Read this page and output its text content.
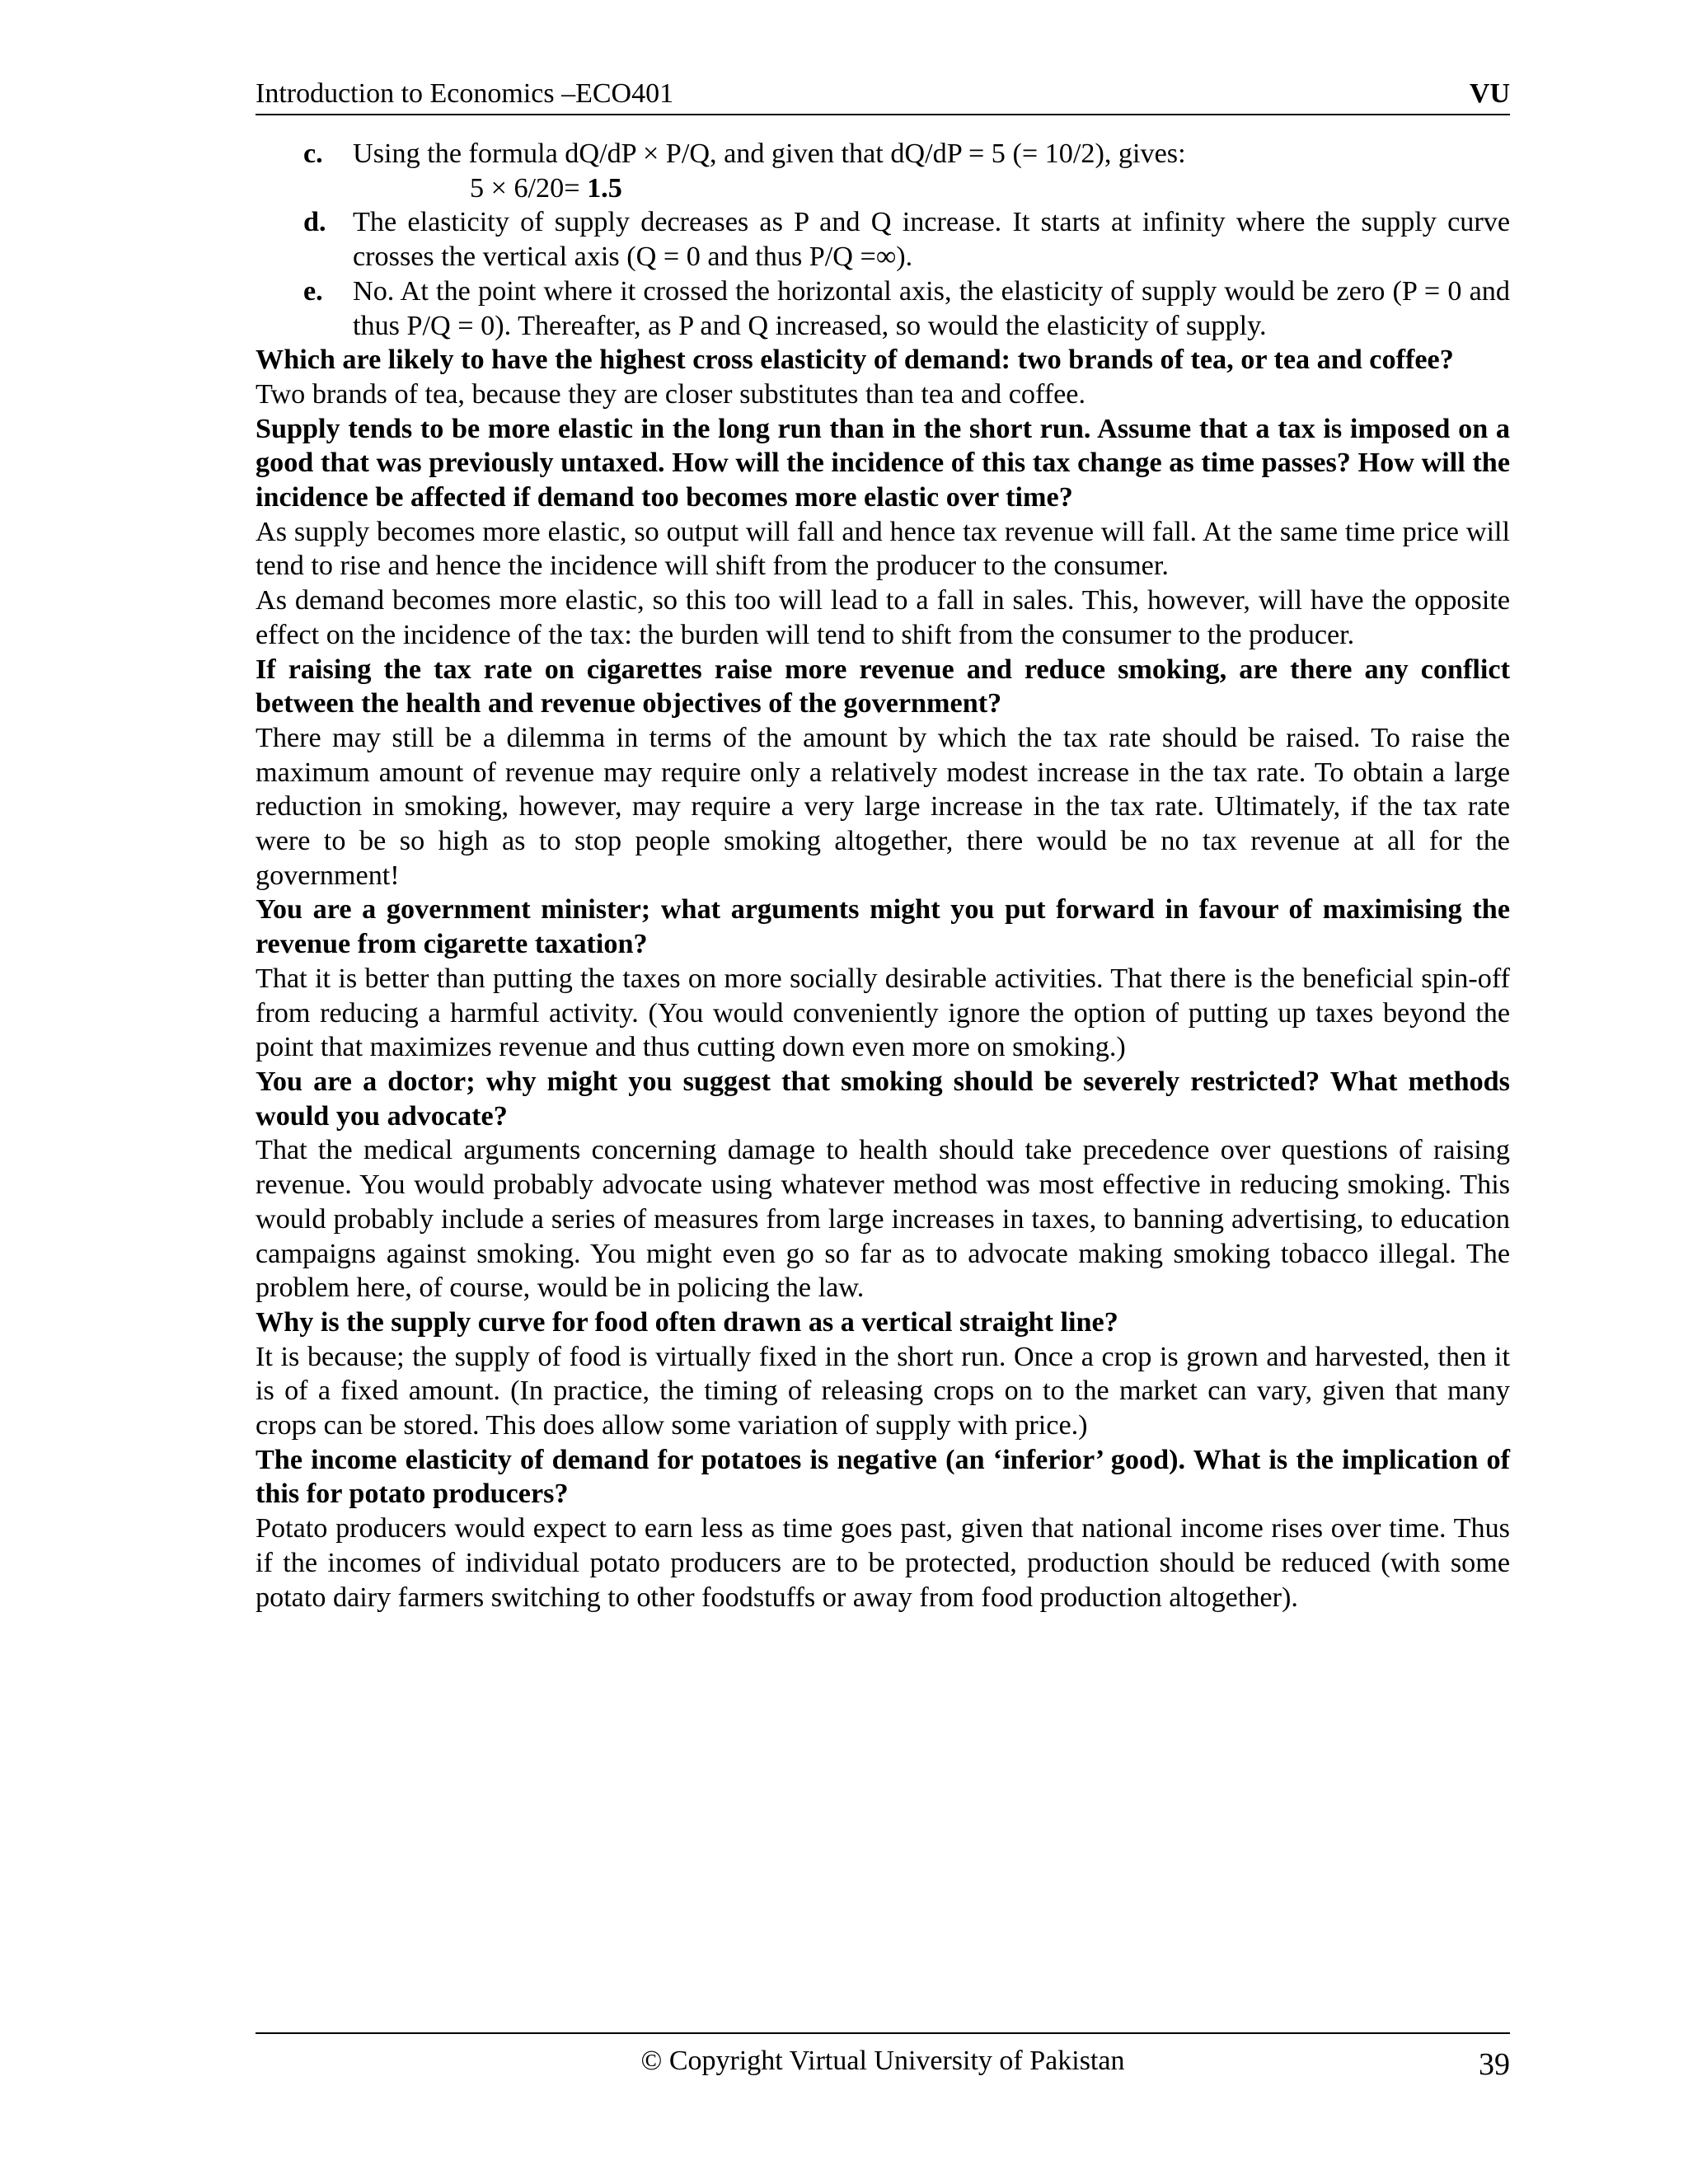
Introduction to Economics –ECO401	VU

c. Using the formula dQ/dP × P/Q, and given that dQ/dP = 5 (= 10/2), gives:

5 × 6/20= 1.5

d. The elasticity of supply decreases as P and Q increase. It starts at infinity where the supply curve crosses the vertical axis (Q = 0 and thus P/Q =∞).

e. No. At the point where it crossed the horizontal axis, the elasticity of supply would be zero (P = 0 and thus P/Q = 0). Thereafter, as P and Q increased, so would the elasticity of supply.

Which are likely to have the highest cross elasticity of demand: two brands of tea, or tea and coffee?

Two brands of tea, because they are closer substitutes than tea and coffee.

Supply tends to be more elastic in the long run than in the short run. Assume that a tax is imposed on a good that was previously untaxed. How will the incidence of this tax change as time passes? How will the incidence be affected if demand too becomes more elastic over time?

As supply becomes more elastic, so output will fall and hence tax revenue will fall. At the same time price will tend to rise and hence the incidence will shift from the producer to the consumer.

As demand becomes more elastic, so this too will lead to a fall in sales. This, however, will have the opposite effect on the incidence of the tax: the burden will tend to shift from the consumer to the producer.

If raising the tax rate on cigarettes raise more revenue and reduce smoking, are there any conflict between the health and revenue objectives of the government?

There may still be a dilemma in terms of the amount by which the tax rate should be raised. To raise the maximum amount of revenue may require only a relatively modest increase in the tax rate. To obtain a large reduction in smoking, however, may require a very large increase in the tax rate. Ultimately, if the tax rate were to be so high as to stop people smoking altogether, there would be no tax revenue at all for the government!

You are a government minister; what arguments might you put forward in favour of maximising the revenue from cigarette taxation?

That it is better than putting the taxes on more socially desirable activities. That there is the beneficial spin-off from reducing a harmful activity. (You would conveniently ignore the option of putting up taxes beyond the point that maximizes revenue and thus cutting down even more on smoking.)

You are a doctor; why might you suggest that smoking should be severely restricted? What methods would you advocate?

That the medical arguments concerning damage to health should take precedence over questions of raising revenue. You would probably advocate using whatever method was most effective in reducing smoking. This would probably include a series of measures from large increases in taxes, to banning advertising, to education campaigns against smoking. You might even go so far as to advocate making smoking tobacco illegal. The problem here, of course, would be in policing the law.

Why is the supply curve for food often drawn as a vertical straight line?

It is because; the supply of food is virtually fixed in the short run. Once a crop is grown and harvested, then it is of a fixed amount. (In practice, the timing of releasing crops on to the market can vary, given that many crops can be stored. This does allow some variation of supply with price.)

The income elasticity of demand for potatoes is negative (an ‘inferior’ good). What is the implication of this for potato producers?

Potato producers would expect to earn less as time goes past, given that national income rises over time. Thus if the incomes of individual potato producers are to be protected, production should be reduced (with some potato dairy farmers switching to other foodstuffs or away from food production altogether).

© Copyright Virtual University of Pakistan	39
